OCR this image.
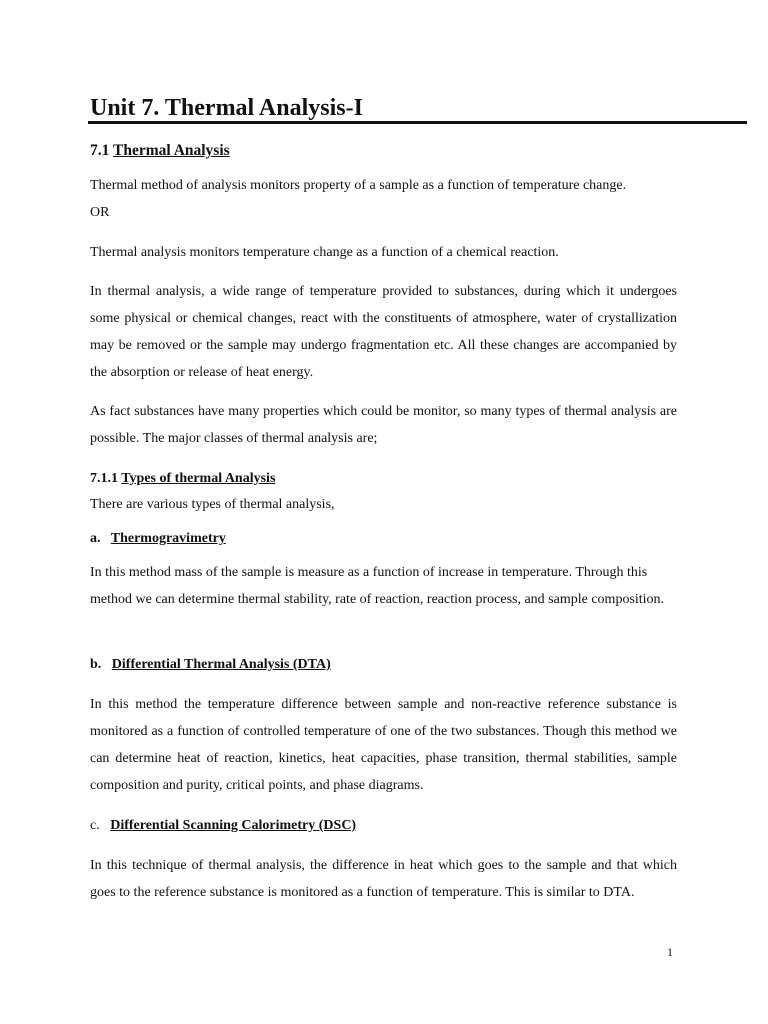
Unit 7. Thermal Analysis-I
7.1 Thermal Analysis
Thermal method of analysis monitors property of a sample as a function of temperature change.
OR
Thermal analysis monitors temperature change as a function of a chemical reaction.
In thermal analysis, a wide range of temperature provided to substances, during which it undergoes some physical or chemical changes, react with the constituents of atmosphere, water of crystallization may be removed or the sample may undergo fragmentation etc. All these changes are accompanied by the absorption or release of heat energy.
As fact substances have many properties which could be monitor, so many types of thermal analysis are possible. The major classes of thermal analysis are;
7.1.1 Types of thermal Analysis
There are various types of thermal analysis,
a. Thermogravimetry
In this method mass of the sample is measure as a function of increase in temperature. Through this method we can determine thermal stability, rate of reaction, reaction process, and sample composition.
b. Differential Thermal Analysis (DTA)
In this method the temperature difference between sample and non-reactive reference substance is monitored as a function of controlled temperature of one of the two substances. Though this method we can determine heat of reaction, kinetics, heat capacities, phase transition, thermal stabilities, sample composition and purity, critical points, and phase diagrams.
c. Differential Scanning Calorimetry (DSC)
In this technique of thermal analysis, the difference in heat which goes to the sample and that which goes to the reference substance is monitored as a function of temperature. This is similar to DTA.
1
